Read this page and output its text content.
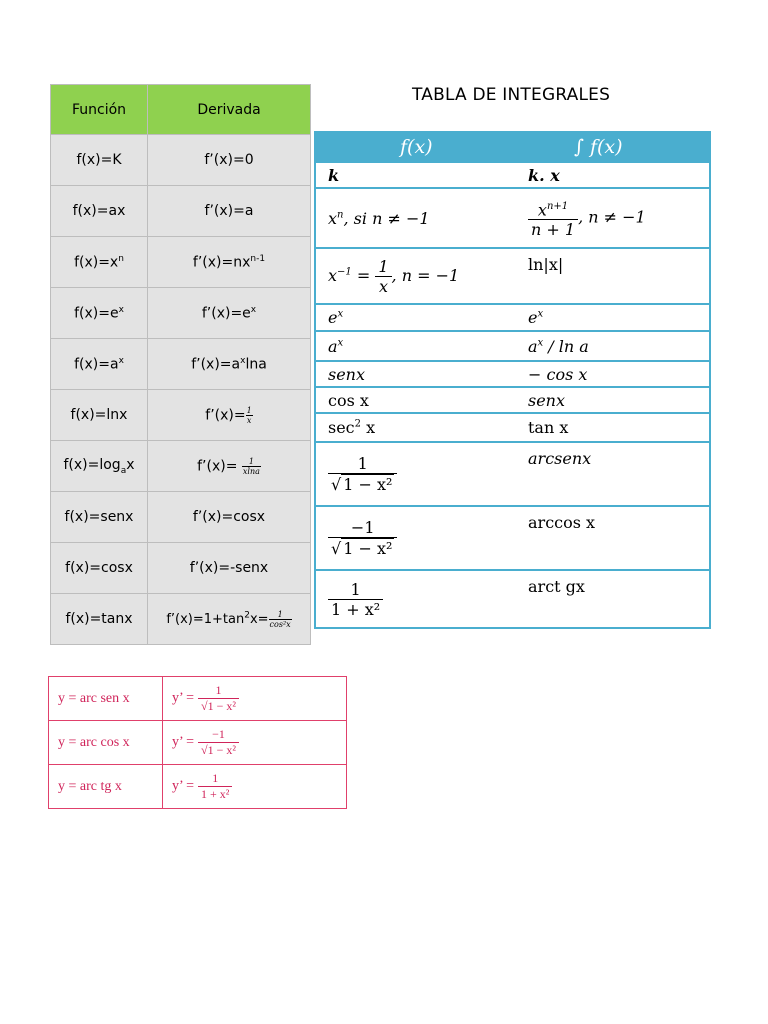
Función	Derivada
f(x)=K	f’(x)=0
f(x)=ax	f’(x)=a
$f(x)=x^n$	$f’(x)=nx^{n-1}$
$f(x)=e^x$	$f’(x)=e^x$
$f(x)=a^x$	$f’(x)=a^x\ln a$
f(x)=lnx	f’(x)= $\frac{1}{x}$

$f(x)=\log_ax$	f’(x)= $\frac{1}{xlna}$

f(x)=senx	f’(x)=cosx
f(x)=cosx	f’(x)=-senx
f(x)=tanx	$f’(x)=1+\tan^2x= \frac{1}{\text{cos²x}}$
TABLA DE INTEGRALES
f(x)	∫ f(x)
k	k. x
$x^n$, si n ≠ −1	$\frac{x^{n+1}}{n + 1}$ , n ≠ −1
$x^{-1} = \frac{1}{x}$ , n = −1	ln|x|
$e^x$	$e^x$
$a^x$	$a^x$ / ln a
senx	− cos x
cos x	senx
$\sec^2 x$	tan x

$\frac{1}{\text{√ 1 − x²}}$	arcsenx

$\frac{-1}{\text{√ 1 − x²}}$	arccos x

$\frac{1}{\text{1 + x²}}$	arct gx
y = arc sen x	y’ = $\frac{1}{\text{√1 − x²}}$

y = arc cos x	y’ = $\frac{-1}{\text{√1 − x²}}$

y = arc tg x	y’ = $\frac{1}{\text{1 + x²}}$
